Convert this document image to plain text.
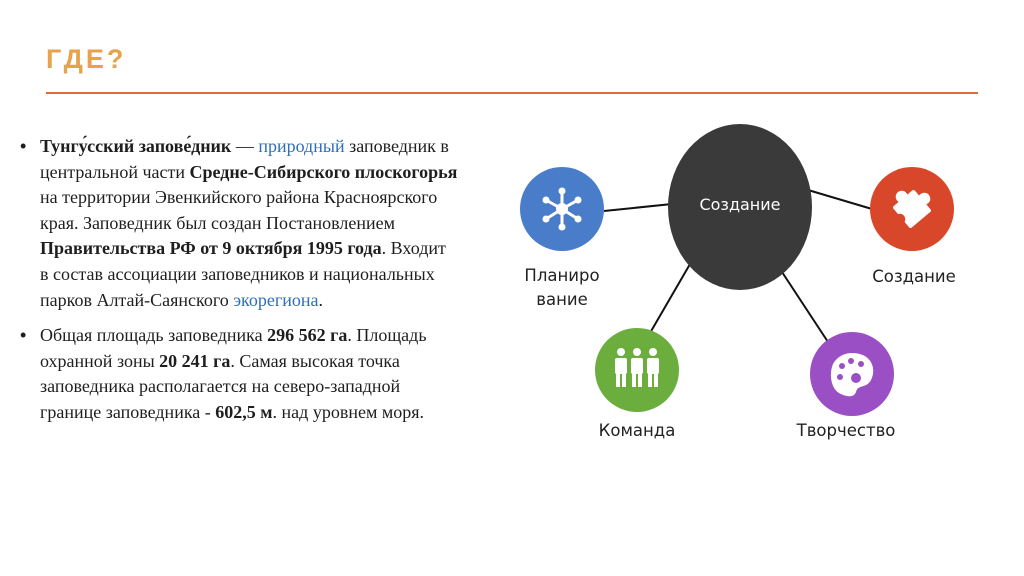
ГДЕ?
• Тунгу́сский запове́дник — природный заповедник в центральной части Средне-Сибирского плоскогорья на территории Эвенкийского района Красноярского края. Заповедник был создан Постановлением Правительства РФ от 9 октября 1995 года. Входит в состав ассоциации заповедников и национальных парков Алтай-Саянского экорегиона.
• Общая площадь заповедника 296 562 га. Площадь охранной зоны 20 241 га. Самая высокая точка заповедника располагается на северо-западной границе заповедника - 602,5 м. над уровнем моря.
Создание
Планиро
вание
Создание
Команда	Творчество
